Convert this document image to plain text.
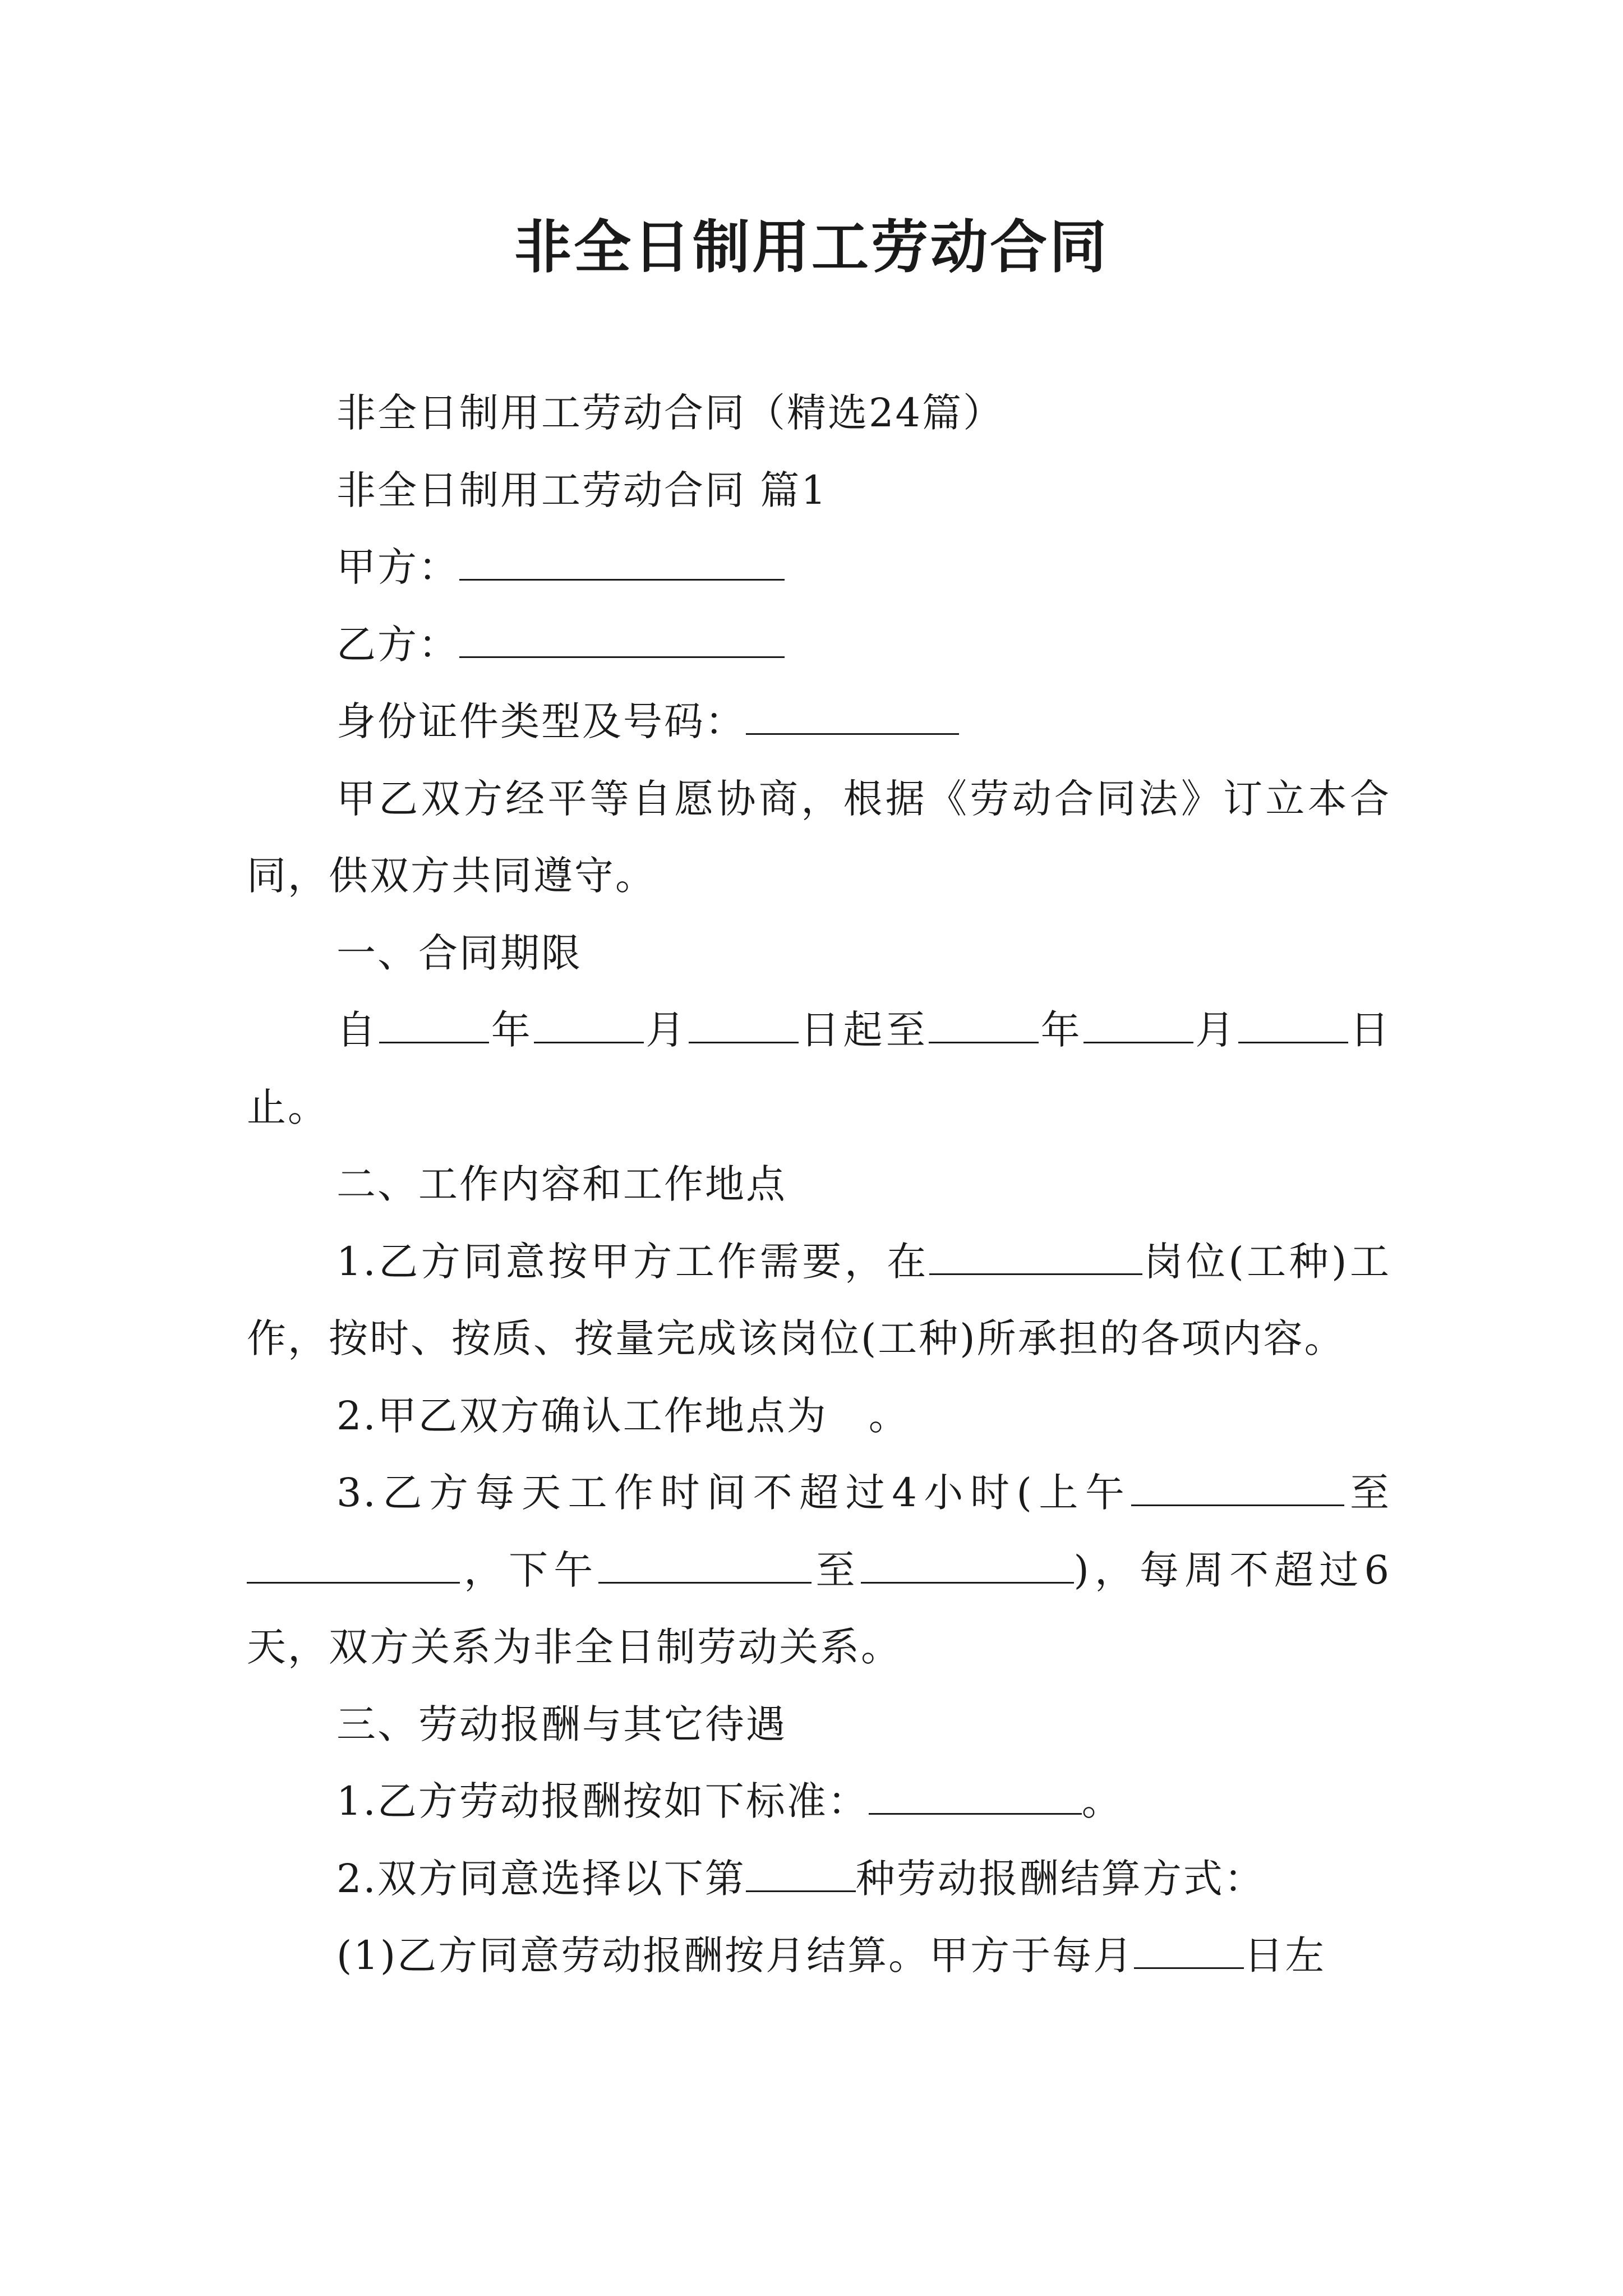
非全日制用工劳动合同

非全日制用工劳动合同（精选24篇）

非全日制用工劳动合同 篇1

甲方：

乙方：

身份证件类型及号码：

甲乙双方经平等自愿协商，根据《劳动合同法》订立本合同，供双方共同遵守。

一、合同期限

自	年	月	日起至	年	月	日止。

二、工作内容和工作地点

1.乙方同意按甲方工作需要，在	岗位(工种)工作，按时、按质、按量完成该岗位(工种)所承担的各项内容。

2.甲乙双方确认工作地点为　。

3.乙方每天工作时间不超过4小时(上午	至，下午	至	)，每周不超过6天，双方关系为非全日制劳动关系。

三、劳动报酬与其它待遇

1.乙方劳动报酬按如下标准：	。

2.双方同意选择以下第	种劳动报酬结算方式：

(1)乙方同意劳动报酬按月结算。甲方于每月	日左
